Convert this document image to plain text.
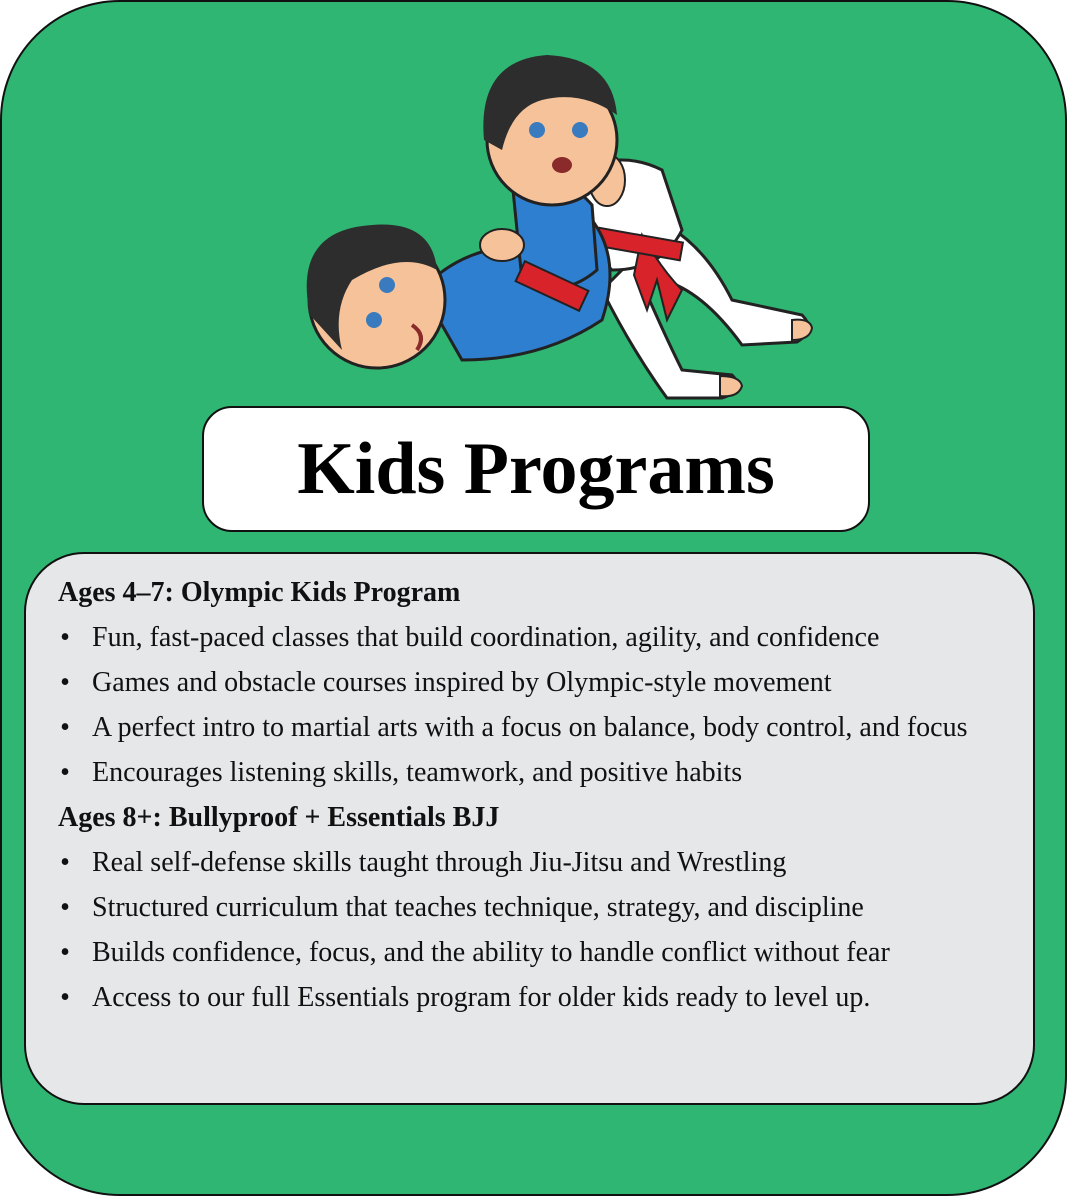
Kids Programs

Ages 4–7: Olympic Kids Program

• Fun, fast-paced classes that build coordination, agility, and confidence
• Games and obstacle courses inspired by Olympic-style movement
• A perfect intro to martial arts with a focus on balance, body control, and focus
• Encourages listening skills, teamwork, and positive habits

Ages 8+: Bullyproof + Essentials BJJ

• Real self-defense skills taught through Jiu-Jitsu and Wrestling
• Structured curriculum that teaches technique, strategy, and discipline
• Builds confidence, focus, and the ability to handle conflict without fear
• Access to our full Essentials program for older kids ready to level up.
